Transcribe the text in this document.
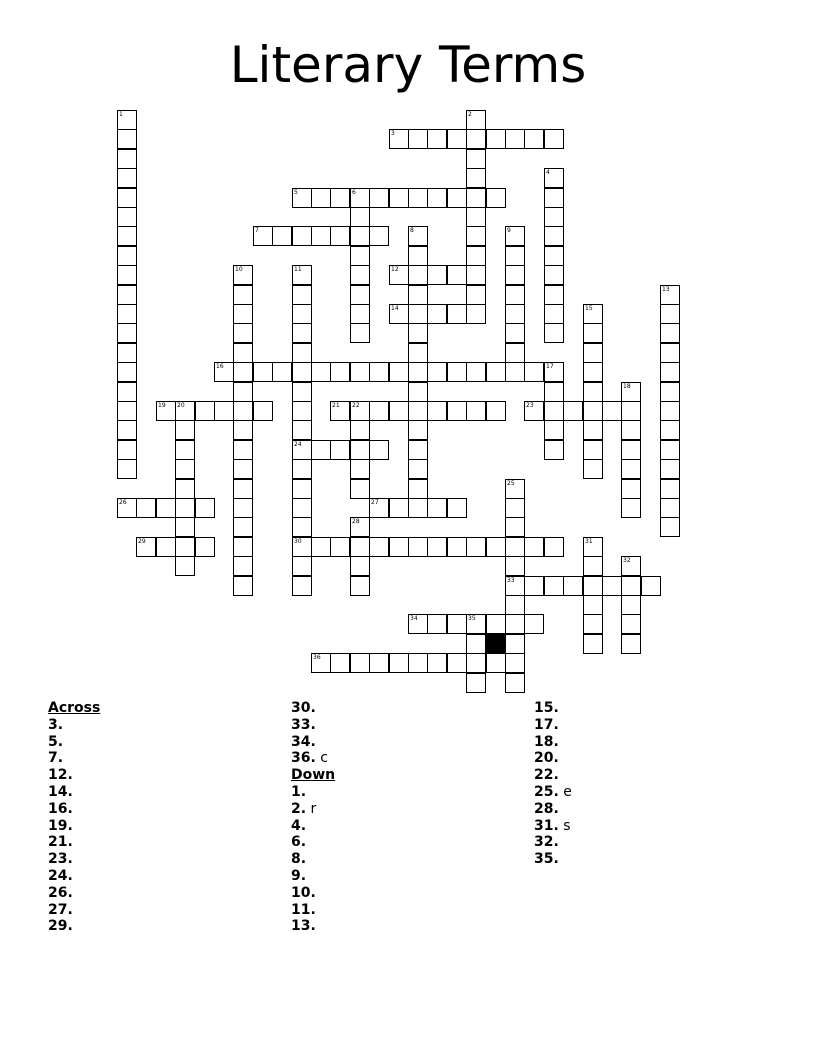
Literary Terms
1	2
3
4
5	6
7	8	9
10	11
24
30
12
13
14	15
16	17
18
19 20	21 22	23
25
33
26	27
28
29	31
32
34	35
36
Across
3.
5.
7.
12.
14.
16.
19.
21.
23.
24.
26.
27.
29.
30.
33.
34.
36. c
Down
1.
2. r
4.
6.
8.
9.
10.
11.
13.
15.
17.
18.
20.
22.
25. e
28.
31. s
32.
35.
